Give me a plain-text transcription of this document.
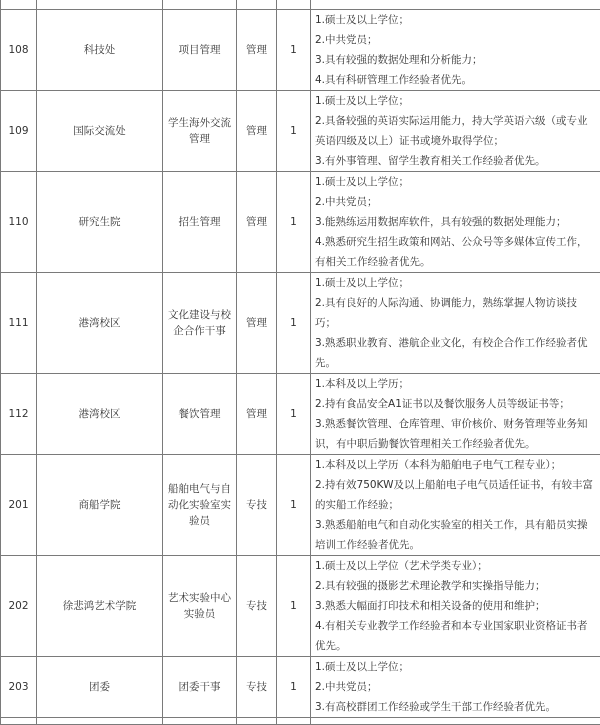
108	科技处	项目管理	管理	1	1.硕士及以上学位；
2.中共党员；
3.具有较强的数据处理和分析能力；
4.具有科研管理工作经验者优先。

109	国际交流处	学生海外交流管理	管理	1	1.硕士及以上学位；
2.具备较强的英语实际运用能力，持大学英语六级（或专业英语四级及以上）证书或境外取得学位；
3.有外事管理、留学生教育相关工作经验者优先。

110	研究生院	招生管理	管理	1	1.硕士及以上学位；
2.中共党员；
3.能熟练运用数据库软件，具有较强的数据处理能力；
4.熟悉研究生招生政策和网站、公众号等多媒体宣传工作，有相关工作经验者优先。

111	港湾校区	文化建设与校企合作干事	管理	1	1.硕士及以上学位；
2.具有良好的人际沟通、协调能力，熟练掌握人物访谈技巧；
3.熟悉职业教育、港航企业文化，有校企合作工作经验者优先。

112	港湾校区	餐饮管理	管理	1	1.本科及以上学历；
2.持有食品安全A1证书以及餐饮服务人员等级证书等；
3.熟悉餐饮管理、仓库管理、审价核价、财务管理等业务知识，有中职后勤餐饮管理相关工作经验者优先。

201	商船学院	船舶电气与自动化实验室实验员	专技	1	1.本科及以上学历（本科为船舶电子电气工程专业）；
2.持有效750KW及以上船舶电子电气员适任证书，有较丰富的实船工作经验；
3.熟悉船舶电气和自动化实验室的相关工作，具有船员实操培训工作经验者优先。

202	徐悲鸿艺术学院	艺术实验中心实验员	专技	1	1.硕士及以上学位（艺术学类专业）；
2.具有较强的摄影艺术理论教学和实操指导能力；
3.熟悉大幅面打印技术和相关设备的使用和维护；
4.有相关专业教学工作经验者和本专业国家职业资格证书者优先。

203	团委	团委干事	专技	1	1.硕士及以上学位；
2.中共党员；
3.有高校群团工作经验或学生干部工作经验者优先。
